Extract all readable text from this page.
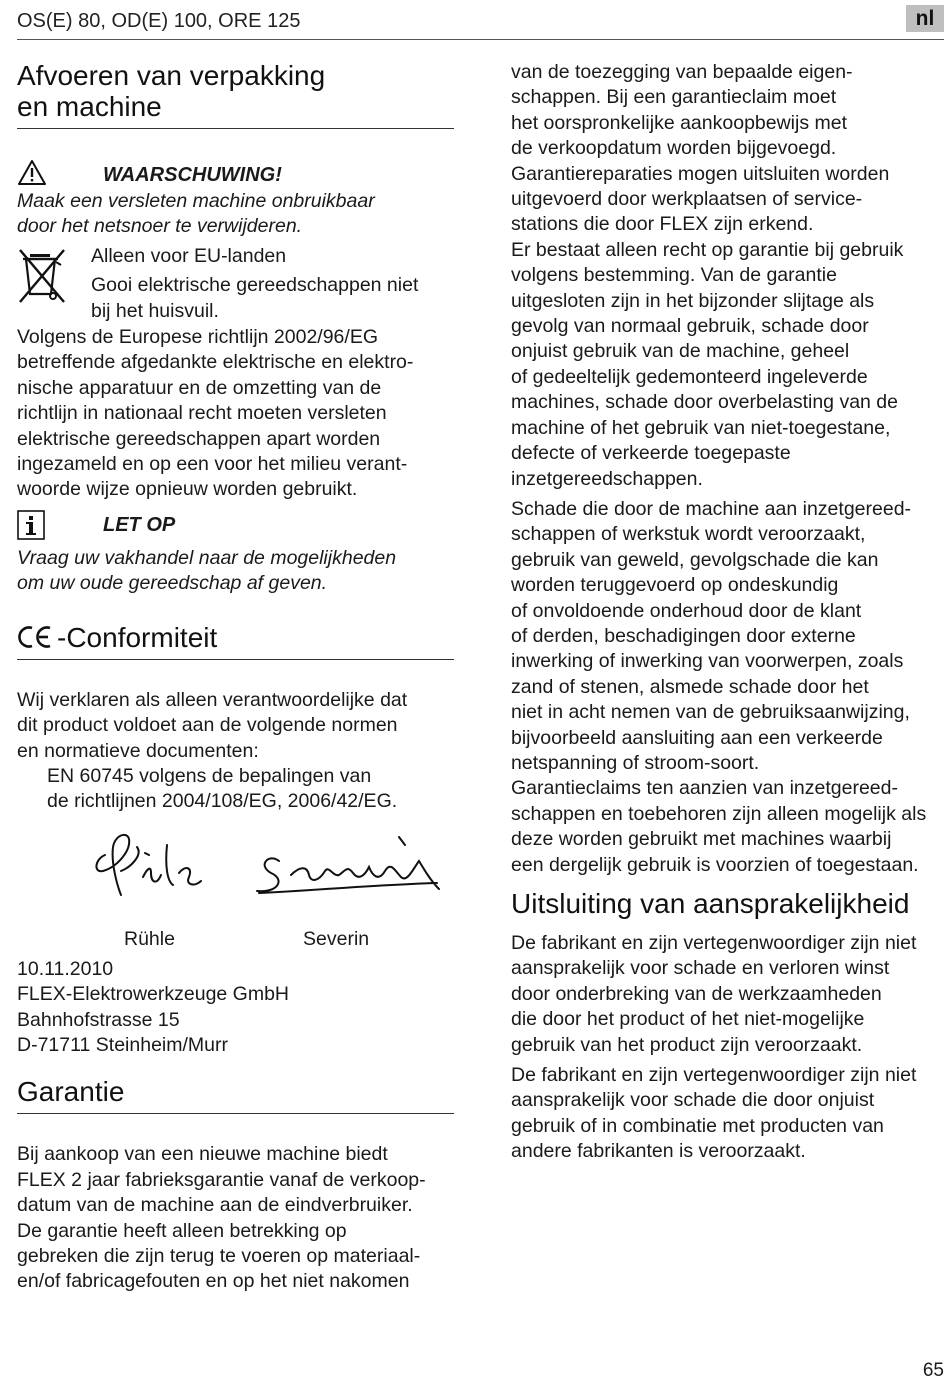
OS(E) 80, OD(E) 100, ORE 125	nl
Afvoeren van verpakking
en machine
WAARSCHUWING!

Maak een versleten machine onbruikbaar
door het netsnoer te verwijderen.

Alleen voor EU-landen

Gooi elektrische gereedschappen niet
bij het huisvuil.

Volgens de Europese richtlijn 2002/96/EG
betreffende afgedankte elektrische en elektro-
nische apparatuur en de omzetting van de
richtlijn in nationaal recht moeten versleten
elektrische gereedschappen apart worden
ingezameld en op een voor het milieu verant-
woorde wijze opnieuw worden gebruikt.

LET OP

Vraag uw vakhandel naar de mogelijkheden
om uw oude gereedschap af geven.

-Conformiteit

Wij verklaren als alleen verantwoordelijke dat
dit product voldoet aan de volgende normen
en normatieve documenten:

EN 60745 volgens de bepalingen van
de richtlijnen 2004/108/EG, 2006/42/EG.

Rühle	Severin

10.11.2010
FLEX-Elektrowerkzeuge GmbH
Bahnhofstrasse 15
D-71711 Steinheim/Murr

Garantie

Bij aankoop van een nieuwe machine biedt
FLEX 2 jaar fabrieksgarantie vanaf de verkoop-
datum van de machine aan de eindverbruiker.
De garantie heeft alleen betrekking op
gebreken die zijn terug te voeren op materiaal-
en/of fabricagefouten en op het niet nakomen

van de toezegging van bepaalde eigen-
schappen. Bij een garantieclaim moet
het oorspronkelijke aankoopbewijs met
de verkoopdatum worden bijgevoegd.
Garantiereparaties mogen uitsluiten worden
uitgevoerd door werkplaatsen of service-
stations die door FLEX zijn erkend.
Er bestaat alleen recht op garantie bij gebruik
volgens bestemming. Van de garantie
uitgesloten zijn in het bijzonder slijtage als
gevolg van normaal gebruik, schade door
onjuist gebruik van de machine, geheel
of gedeeltelijk gedemonteerd ingeleverde
machines, schade door overbelasting van de
machine of het gebruik van niet-toegestane,
defecte of verkeerde toegepaste
inzetgereedschappen.

Schade die door de machine aan inzetgereed-
schappen of werkstuk wordt veroorzaakt,
gebruik van geweld, gevolgschade die kan
worden teruggevoerd op ondeskundig
of onvoldoende onderhoud door de klant
of derden, beschadigingen door externe
inwerking of inwerking van voorwerpen, zoals
zand of stenen, alsmede schade door het
niet in acht nemen van de gebruiksaanwijzing,
bijvoorbeeld aansluiting aan een verkeerde
netspanning of stroom-soort.
Garantieclaims ten aanzien van inzetgereed-
schappen en toebehoren zijn alleen mogelijk als
deze worden gebruikt met machines waarbij
een dergelijk gebruik is voorzien of toegestaan.

Uitsluiting van aansprakelijkheid

De fabrikant en zijn vertegenwoordiger zijn niet
aansprakelijk voor schade en verloren winst
door onderbreking van de werkzaamheden
die door het product of het niet-mogelijke
gebruik van het product zijn veroorzaakt.

De fabrikant en zijn vertegenwoordiger zijn niet
aansprakelijk voor schade die door onjuist
gebruik of in combinatie met producten van
andere fabrikanten is veroorzaakt.

65
